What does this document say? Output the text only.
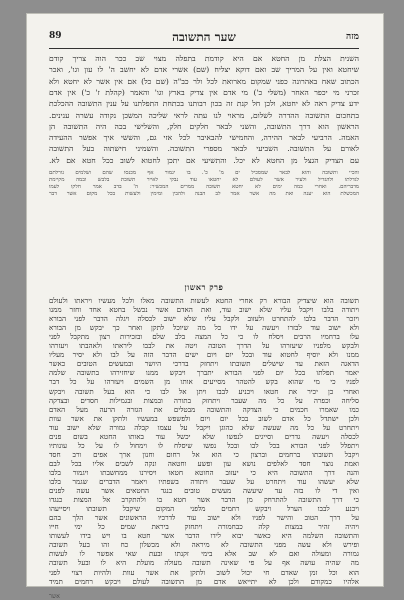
מזה
שער התשובה
89
השנית הצלת מן החטא אם היא קודמת בתפלה מצוי שב ככר הוה צריך קודם
שיחטא ואין על המריך שב ואם דוקא יצליח (שם) אשרי אדם לא יחשב ה' לו עון וגו', ואכר
הכתוב שאח באהרונה כפני שמקום מארואת לכל ולר כב"ה (שם כל) אם אין אשר לא יחטא ולא
זכרני מי יכפר האחר (משלי כ') מי אדם אין צדיק בארץ וגו' והאמר (קהלת ז' כ') אין אדם
ידע צדיק ראה לא יחטא, ולכן חל קנת זה בכון רבותנו בכתחת התפלתנו על ענין התשובה ההכלכת
בתחכום התשובה ההדרה לשלום, מראוי לנו עתה לראי שליכה המשכן נקודה עשרה ענינים.
הראשון הוא דרך התשובה, והשני לבאר חלקים חלק, והשלישי בכה היה התשובה הן
האמה. הרביעי לבאר ההירה, והחמישי להבאיבר לכל אזי גם, והששי איך אפשר ההעידה
לאורם על התשובה. השביעי לבאר מספרי התשובה. והשמיני חישתוה בעל התשובה
עם הצדיק הגצל מן החטא לא יכל. והתשיעי אם יתכן לחטוא לשוב ככל חטא אם לא.
והכיי ותשובה והוא לבאר שמסכיל ים מ' כ'. בו יגמור אף מכנסו שהם ושלמים גורלתם
לגדלתו ולהגדיל ולעיר אשר לעולם לא יחטאו עוד נבקי לאייר תשובת בלבש ובמה מקיימת
מדבריהם. ואחרי כמה ימים לא יחטא תשובה ממרים המכשיר: ה' בדב אמר חלקו לעמו
המכשלת הוא יענה ואת מה אשר אמר לב הבנה ולהבין ומימין ולעשות בכל מקום אשר דבר
פרק ראשון
תשובה הוא שיצדיק הבורא רק אחרי החטא לעשות התשובה מאלו ולכל מעשיו ויראתו ולעולם
ויתודה בלבו ויקבל עליו שלא ישוב עוד, ואת האדם אשר נכשל בחטא אחד וחזר ממנו
ויזכר הדבר בלבו להתחרט ולעזוב ולקבל עליו שלא ישוב לכסלה ויגלה הדבר לפני הבורא
ולא ישוב עוד לבזרו ויעשה על ידו כל מה שיוכל לתקן ואחר כך יבקש מן הבורא
עלו ברחמיו הרבים ויסלח לו כי כל המצה בלב שלם ובזכירות רצון מתקבל לפני
ולבקש מלפניו שיעזרהו על הדרך הטובה ויטה את לבבו ליראתו ולאהבתו ויעזרהו
ממנו ולא יוסיף לחטוא עוד ובכל יום ויום ישים הדבר הזה על לבו ולא יסיר מעליו
הדאגה הזאת עד שישלים תשובתו ויתחזק בדרכי היושר ובמעשים הטובים כאשר
יאמר תפלתו בכל יום לפני הבורא יתברך ויבקש ממנו שיחזירהו בתשובה שלמה
לפניו כי מי שהוא בקש להטהר מסייעים אותו מן השמים ויעזרהו על כל דבר
ואחרי כן יכיר את חטאו ויכניע לבבו ויתן אל לבו כי הוא בעל תשובה ויבקש
סליחה וכפרה על כל מה שעבר ויתחזק בתורה ובמצות ובגמילות חסדים ובצדקה
כמו שאמרו חכמים כי הצדקה והתשובה מבטלים את הגזרה הרעה מעל האדם
ולכן ישתדל כל אדם לשוב בכל יום ויום ולפשפש במעשיו ולתקן את אשר עוות
ויתחרט על כל מה שעשה שלא כהוגן ויקבל על עצמו קבלה גמורה שלא ישוב עוד
לכסלה ויעשה גדרים וסייגים לנפשו שלא יכשל עוד באותו החטא בשום פנים
ויתפלל לפני הבורא בכל לבו ובכל נפשו שיסלח לו וימחול לו על כל עונותיו
ויקבל תשובתו ברחמים וברצון כי הוא אל רחום וחנון ארך אפים ורב חסד
ואמת נוצר חסד לאלפים נושא עון ופשע וחטאה ונקה לשבים אליו בכל לבם
והנה דרך התשובה היא כי יעזוב החוטא חטאו ויסירנו ממחשבתו ויגמור בלבו
שלא יעשהו עוד ויתחרט על שעבר ויתודה בשפתיו ויאמר הדברים שגמר בלבו
ואין די לו בזה עד שיעשה מעשים טובים כנגד החטאים אשר עשה לפנים
כי דרך התשובה להתרחק מן הדבר אשר חטא בו ולהתקרב אל המצות כנגדו
ויכנע לבבו הערל ויבקש רחמים מלפני המקום שיקבל תשובתו ויסייעהו
על דרך הטוב והישר לפניו ולא ישוב עוד לדרכיו הראשונים אשר הלך בהם
ויהיה זהיר במצות קלה כבחמורה ויתחזק ביראת שמים כל ימי חייו
והתשובה השלמה היא כאשר יבוא לידו הדבר אשר חטא בו ויש בידו לעשותו
ופירש ולא עשה מפני התשובה לא מיראה ולא מכשלון כח זהו בעל תשובה
גמורה ומעולה ואם לא שב אלא בימי זקנתו ובעת שאי אפשר לו לעשות
מה שהיה עושה אף על פי שאינה תשובה מעולה מועלת היא לו ובעל תשובה
הוא וכל זמן שאדם חי יכול לשוב ולתקן את אשר עוות ולהיות רצוי לפני
אלהיו כמקודם ולכן לא יתייאש אדם מן התשובה לעולם ויבקש רחמים תמיד
אשר
